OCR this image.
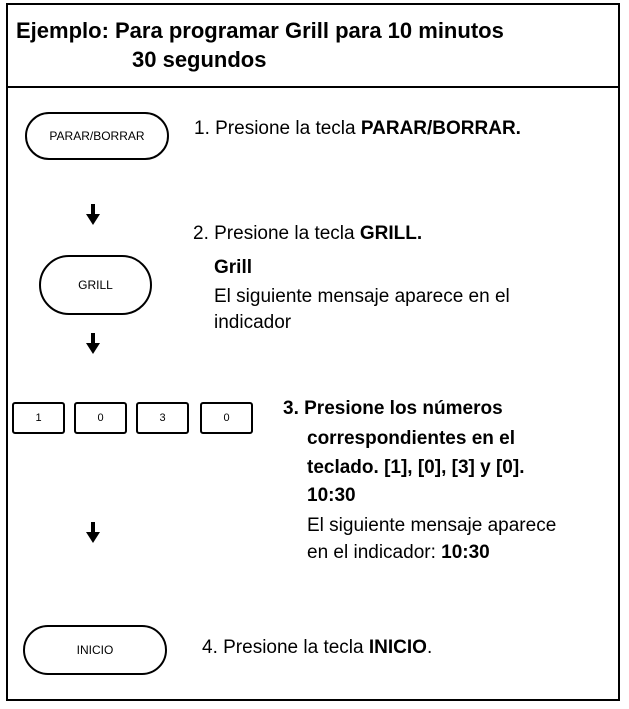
Ejemplo: Para programar Grill para 10 minutos
30 segundos
PARAR/BORRAR	1. Presione la tecla PARAR/BORRAR.
2. Presione la tecla GRILL.
GRILL
Grill
El siguiente mensaje aparece en el
indicador
1	0	3	0	3. Presione los números
correspondientes en el
teclado. [1], [0], [3] y [0].
10:30
El siguiente mensaje aparece
en el indicador: 10:30
INICIO	4. Presione la tecla INICIO.
